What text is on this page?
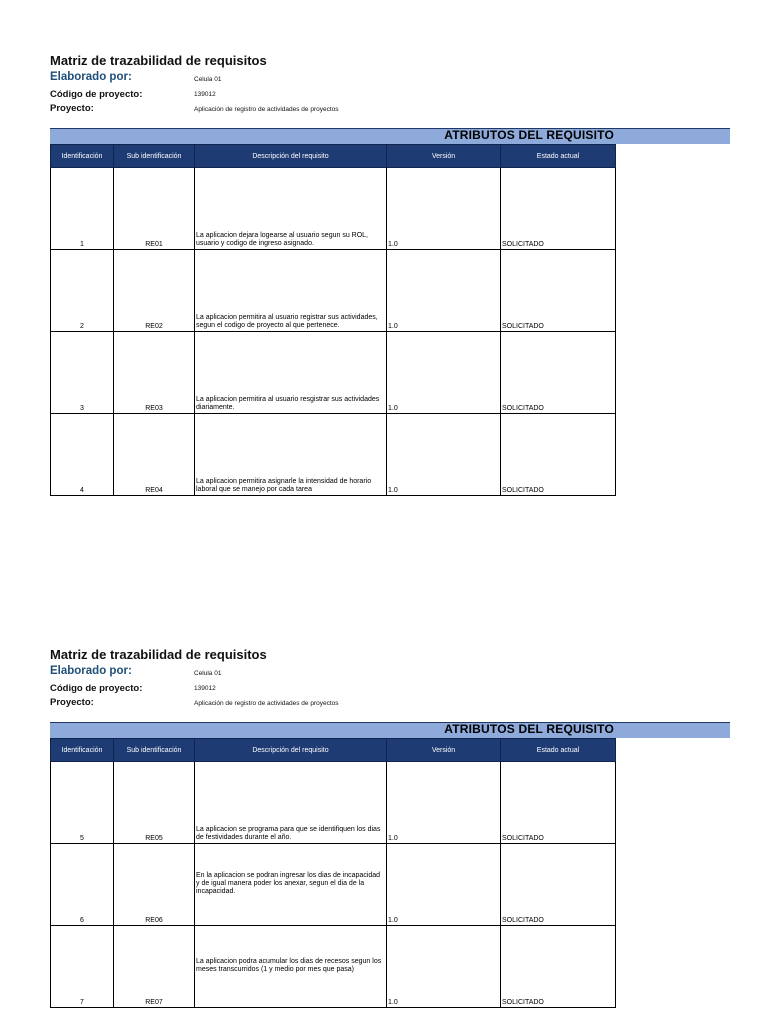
Matriz de trazabilidad de requisitos
Elaborado por:	Celula 01
Código de proyecto:	139012
Proyecto:	Aplicación de registro de actividades de proyectos
ATRIBUTOS DEL REQUISITO
Identificación	Sub identificación	Descripción del requisito	Versión	Estado actual
1	RE01	La aplicacion dejara logearse al usuario segun su ROL, usuario y codigo de ingreso asignado.	1.0	SOLICITADO
2	RE02	La aplicacion permitira al usuario registrar sus actividades, segun el codigo de proyecto al que pertenece.	1.0	SOLICITADO
3	RE03	La aplicacion permitira al usuario resgistrar sus actividades diariamente.	1.0	SOLICITADO
4	RE04	La aplicacion permitira asignarle la intensidad de horario laboral que se manejo por cada tarea	1.0	SOLICITADO
Matriz de trazabilidad de requisitos
Elaborado por:	Celula 01
Código de proyecto:	139012
Proyecto:	Aplicación de registro de actividades de proyectos
ATRIBUTOS DEL REQUISITO
Identificación	Sub identificación	Descripción del requisito	Versión	Estado actual
5	RE05	La aplicacion se programa para que se identifiquen los dias de festividades durante el año.	1.0	SOLICITADO
6	RE06	En la aplicacion se podran ingresar los dias de incapacidad y de igual manera poder los anexar, segun el dia de la incapacidad.	1.0	SOLICITADO
7	RE07	La aplicacion podra acumular los dias de recesos segun los meses transcurridos (1 y medio por mes que pasa)	1.0	SOLICITADO
